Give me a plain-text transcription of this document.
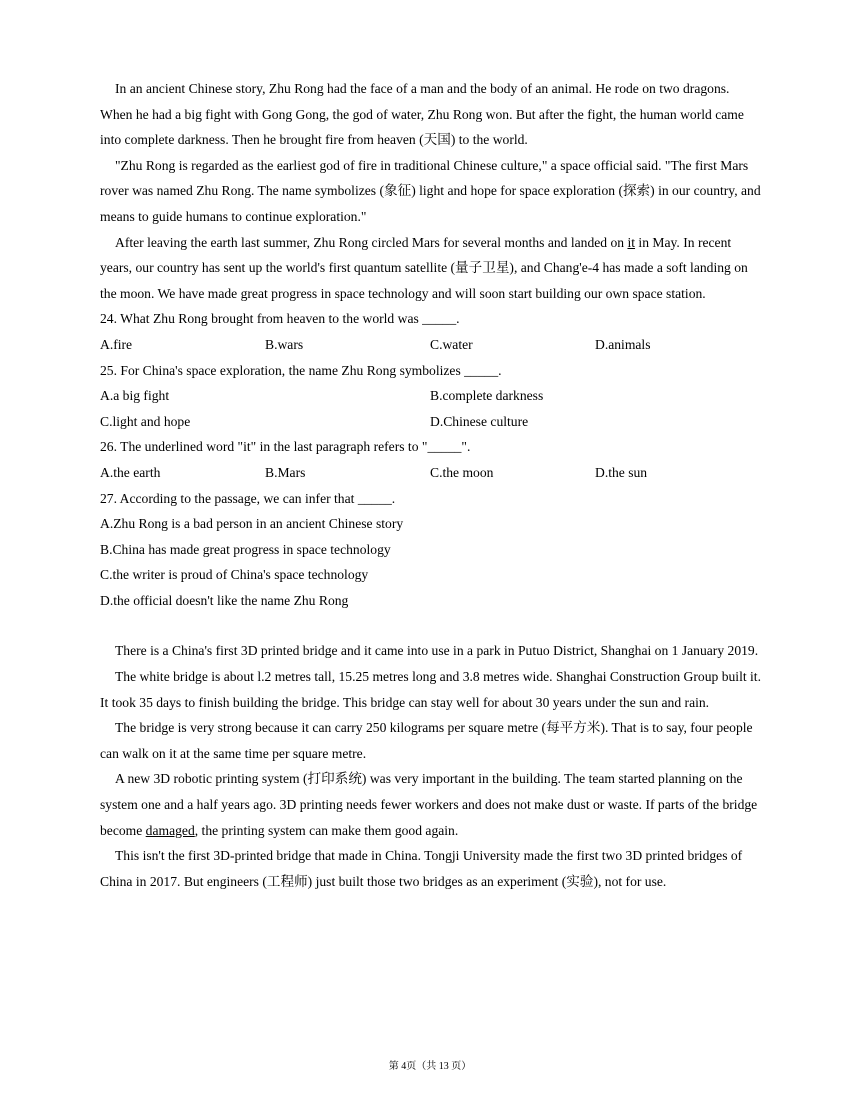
In an ancient Chinese story, Zhu Rong had the face of a man and the body of an animal. He rode on two dragons. When he had a big fight with Gong Gong, the god of water, Zhu Rong won. But after the fight, the human world came into complete darkness. Then he brought fire from heaven (天国) to the world.

"Zhu Rong is regarded as the earliest god of fire in traditional Chinese culture," a space official said. "The first Mars rover was named Zhu Rong. The name symbolizes (象征) light and hope for space exploration (探索) in our country, and means to guide humans to continue exploration."

After leaving the earth last summer, Zhu Rong circled Mars for several months and landed on it in May. In recent years, our country has sent up the world's first quantum satellite (量子卫星), and Chang'e-4 has made a soft landing on the moon. We have made great progress in space technology and will soon start building our own space station.

24. What Zhu Rong brought from heaven to the world was _____.

A.fire	B.wars	C.water	D.animals

25. For China's space exploration, the name Zhu Rong symbolizes _____.

A.a big fight	B.complete darkness
C.light and hope	D.Chinese culture

26. The underlined word "it" in the last paragraph refers to "_____".

A.the earth	B.Mars	C.the moon	D.the sun

27. According to the passage, we can infer that _____.

A.Zhu Rong is a bad person in an ancient Chinese story

B.China has made great progress in space technology

C.the writer is proud of China's space technology

D.the official doesn't like the name Zhu Rong

There is a China's first 3D printed bridge and it came into use in a park in Putuo District, Shanghai on 1 January 2019.

The white bridge is about l.2 metres tall, 15.25 metres long and 3.8 metres wide. Shanghai Construction Group built it. It took 35 days to finish building the bridge. This bridge can stay well for about 30 years under the sun and rain.

The bridge is very strong because it can carry 250 kilograms per square metre (每平方米). That is to say, four people can walk on it at the same time per square metre.

A new 3D robotic printing system (打印系统) was very important in the building. The team started planning on the system one and a half years ago. 3D printing needs fewer workers and does not make dust or waste. If parts of the bridge become damaged, the printing system can make them good again.

This isn't the first 3D-printed bridge that made in China. Tongji University made the first two 3D printed bridges of China in 2017. But engineers (工程师) just built those two bridges as an experiment (实验), not for use.

第 4页（共 13 页）
